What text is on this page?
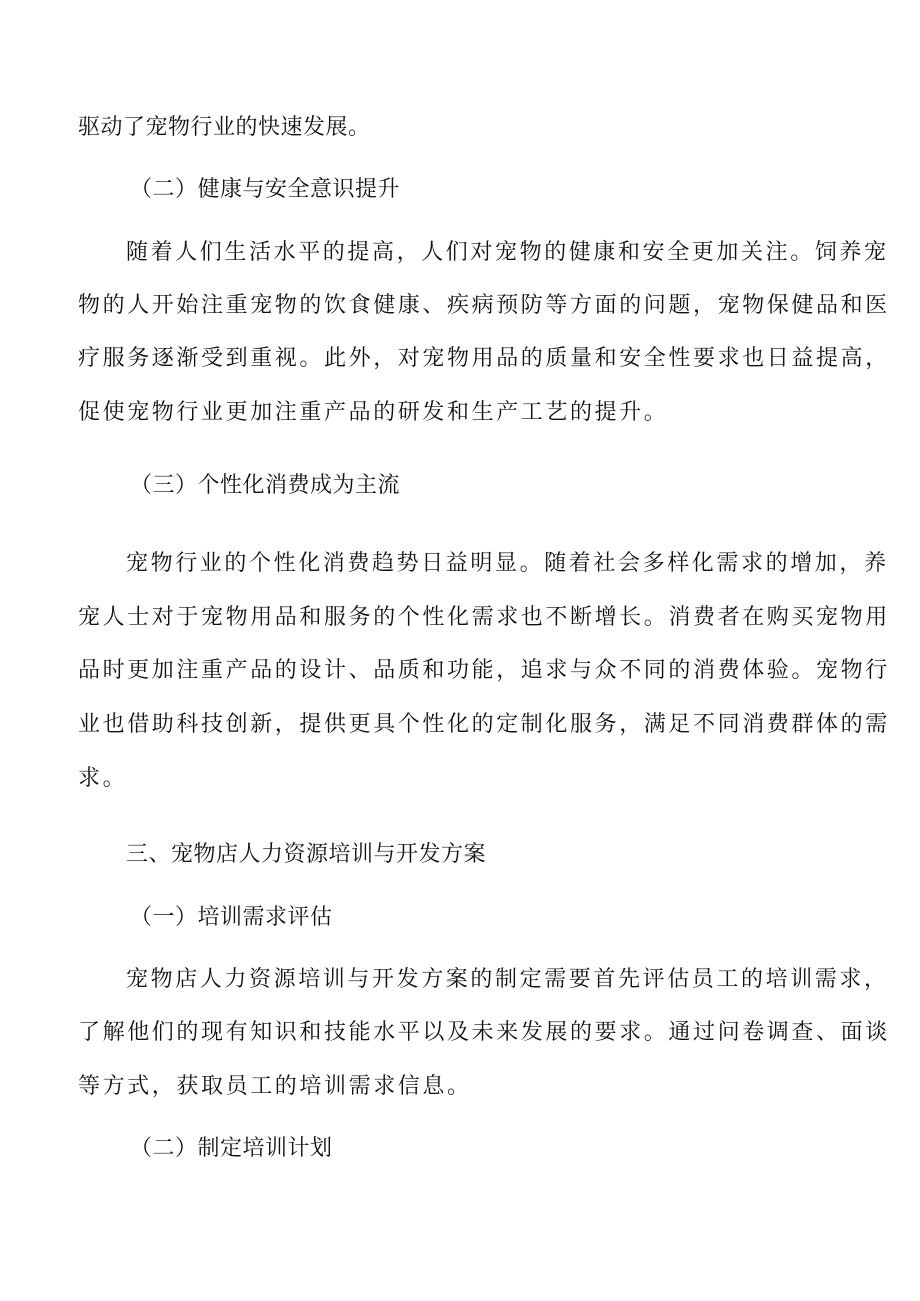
驱动了宠物行业的快速发展。
（二）健康与安全意识提升
随着人们生活水平的提高，人们对宠物的健康和安全更加关注。饲养宠
物的人开始注重宠物的饮食健康、疾病预防等方面的问题，宠物保健品和医
疗服务逐渐受到重视。此外，对宠物用品的质量和安全性要求也日益提高，
促使宠物行业更加注重产品的研发和生产工艺的提升。
（三）个性化消费成为主流
宠物行业的个性化消费趋势日益明显。随着社会多样化需求的增加，养
宠人士对于宠物用品和服务的个性化需求也不断增长。消费者在购买宠物用
品时更加注重产品的设计、品质和功能，追求与众不同的消费体验。宠物行
业也借助科技创新，提供更具个性化的定制化服务，满足不同消费群体的需
求。
三、宠物店人力资源培训与开发方案
（一）培训需求评估
宠物店人力资源培训与开发方案的制定需要首先评估员工的培训需求，
了解他们的现有知识和技能水平以及未来发展的要求。通过问卷调查、面谈
等方式，获取员工的培训需求信息。
（二）制定培训计划
